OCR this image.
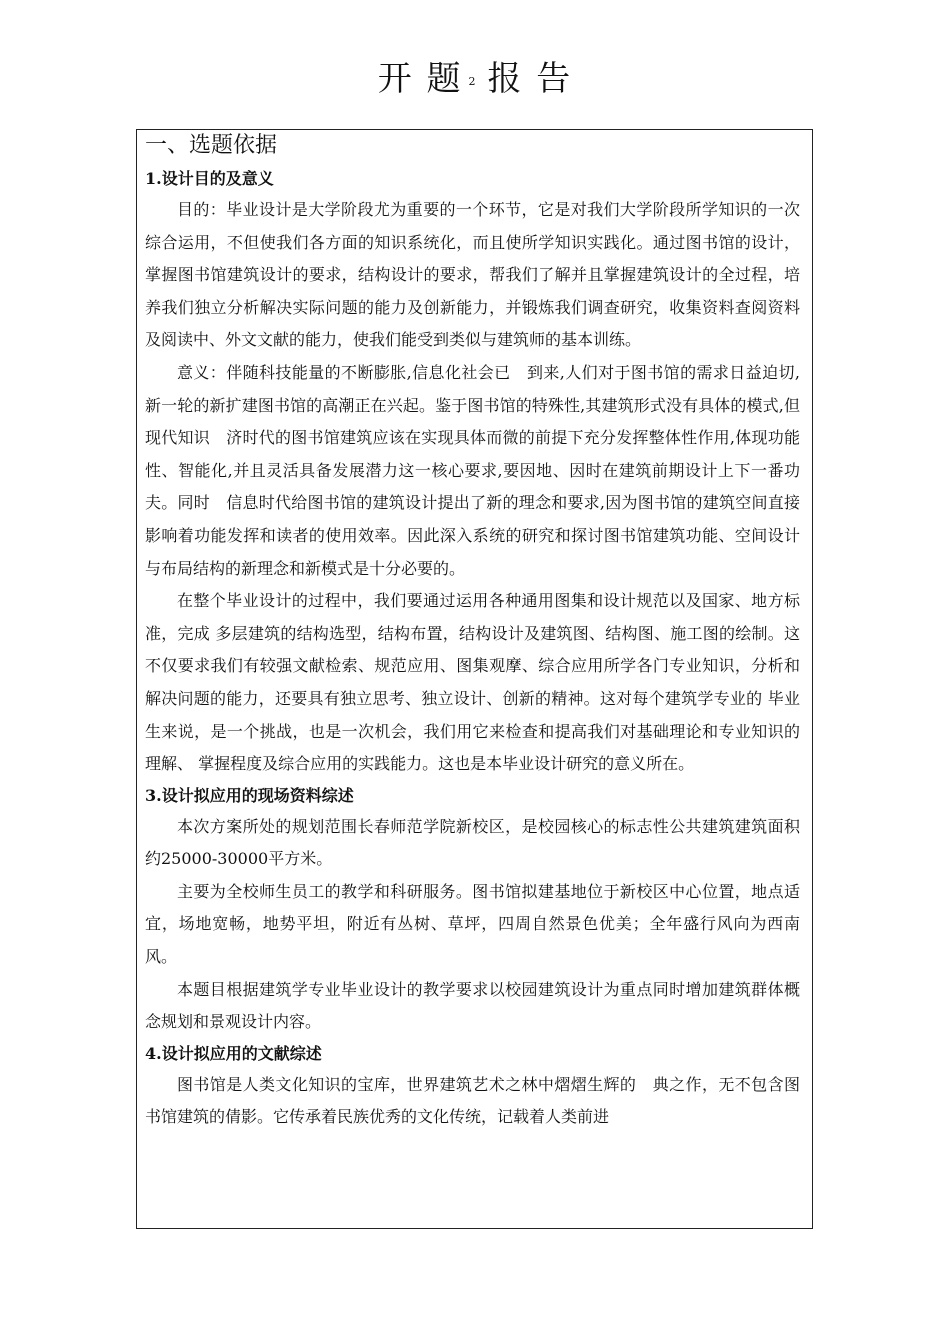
开 题 2 报 告
一、选题依据
1.设计目的及意义

目的：毕业设计是大学阶段尤为重要的一个环节，它是对我们大学阶段所学知识的一次综合运用，不但使我们各方面的知识系统化，而且使所学知识实践化。通过图书馆的设计，掌握图书馆建筑设计的要求，结构设计的要求，帮我们了解并且掌握建筑设计的全过程，培养我们独立分析解决实际问题的能力及创新能力，并锻炼我们调查研究，收集资料查阅资料及阅读中、外文文献的能力，使我们能受到类似与建筑师的基本训练。

意义：伴随科技能量的不断膨胀,信息化社会已　到来,人们对于图书馆的需求日益迫切,新一轮的新扩建图书馆的高潮正在兴起。鉴于图书馆的特殊性,其建筑形式没有具体的模式,但现代知识　济时代的图书馆建筑应该在实现具体而微的前提下充分发挥整体性作用,体现功能性、智能化,并且灵活具备发展潜力这一核心要求,要因地、因时在建筑前期设计上下一番功夫。同时　信息时代给图书馆的建筑设计提出了新的理念和要求,因为图书馆的建筑空间直接影响着功能发挥和读者的使用效率。因此深入系统的研究和探讨图书馆建筑功能、空间设计与布局结构的新理念和新模式是十分必要的。

在整个毕业设计的过程中，我们要通过运用各种通用图集和设计规范以及国家、地方标准，完成 多层建筑的结构选型，结构布置，结构设计及建筑图、结构图、施工图的绘制。这不仅要求我们有较强文献检索、规范应用、图集观摩、综合应用所学各门专业知识，分析和解决问题的能力，还要具有独立思考、独立设计、创新的精神。这对每个建筑学专业的 毕业生来说，是一个挑战，也是一次机会，我们用它来检查和提高我们对基础理论和专业知识的理解、 掌握程度及综合应用的实践能力。这也是本毕业设计研究的意义所在。

3.设计拟应用的现场资料综述

本次方案所处的规划范围长春师范学院新校区，是校园核心的标志性公共建筑建筑面积约25000-30000平方米。

主要为全校师生员工的教学和科研服务。图书馆拟建基地位于新校区中心位置，地点适宜，场地宽畅，地势平坦，附近有丛树、草坪，四周自然景色优美；全年盛行风向为西南风。

本题目根据建筑学专业毕业设计的教学要求以校园建筑设计为重点同时增加建筑群体概念规划和景观设计内容。

4.设计拟应用的文献综述

图书馆是人类文化知识的宝库，世界建筑艺术之林中熠熠生辉的　典之作，无不包含图书馆建筑的倩影。它传承着民族优秀的文化传统，记载着人类前进
